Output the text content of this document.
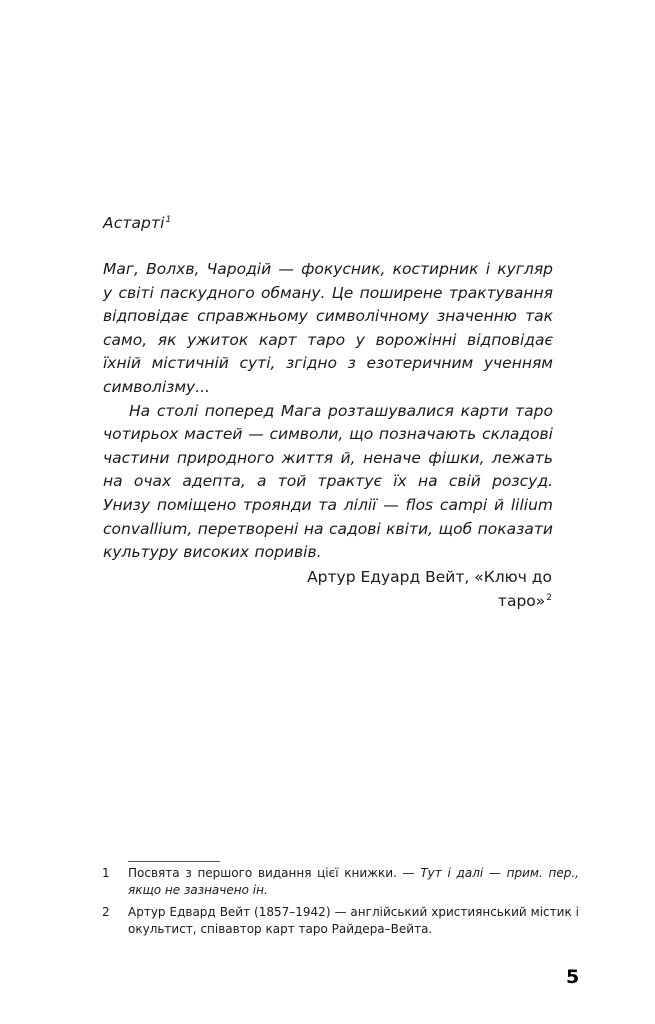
Астарті$^1$

Маг, Волхв, Чародій — фокусник, костирник і кугляр у світі паскудного обману. Це поширене трактування відповідає справжньому символічному значенню так само, як ужиток карт таро у ворожінні відповідає їхній містичній суті, згідно з езотеричним ученням символізму...

На столі поперед Мага розташувалися карти таро чотирьох мастей — символи, що позначають складові частини природного життя й, неначе фішки, лежать на очах адепта, а той трактує їх на свій розсуд. Унизу поміщено троянди та лілії — flos campi й lilium convallium, перетворені на садові квіти, щоб показати культуру високих поривів.

Артур Едуард Вейт, «Ключ до таро»$^2$
1	Посвята з першого видання цієї книжки. — Тут і далі — прим. пер., якщо не зазначено ін.
2	Артур Едвард Вейт (1857–1942) — англійський християнський містик і окультист, співавтор карт таро Райдера–Вейта.
5
